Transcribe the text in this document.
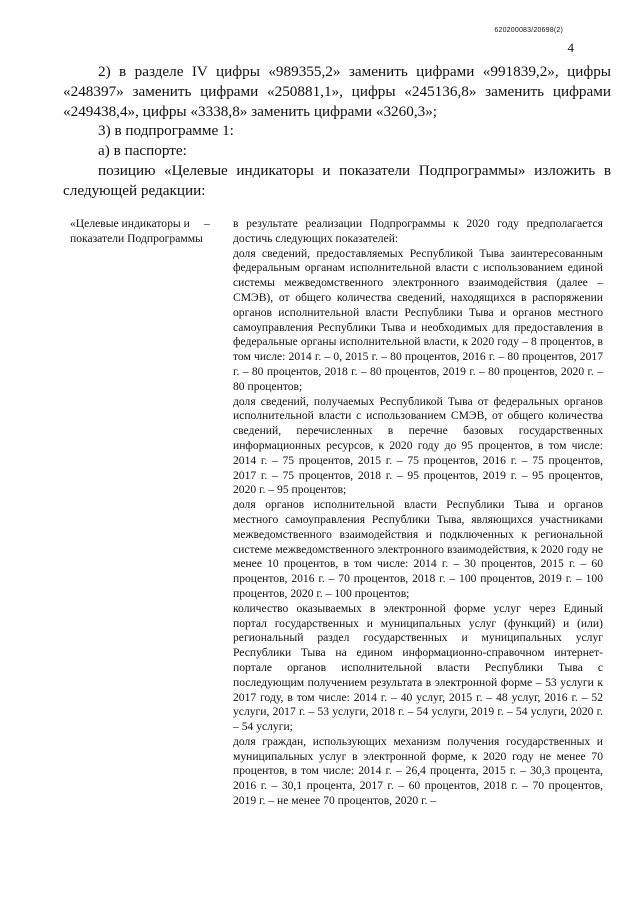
620200083/20698(2)
4

2) в разделе IV цифры «989355,2» заменить цифрами «991839,2», цифры «248397» заменить цифрами «250881,1», цифры «245136,8» заменить цифрами «249438,4», цифры «3338,8» заменить цифрами «3260,3»;

3) в подпрограмме 1:

а) в паспорте:

позицию «Целевые индикаторы и показатели Подпрограммы» изложить в следующей редакции:

«Целевые индикаторы и показатели Подпрограммы
– в результате реализации Подпрограммы к 2020 году предполагается достичь следующих показателей:

доля сведений, предоставляемых Республикой Тыва заинтересованным федеральным органам исполнительной власти с использованием единой системы межведомственного электронного взаимодействия (далее – СМЭВ), от общего количества сведений, находящихся в распоряжении органов исполнительной власти Республики Тыва и органов местного самоуправления Республики Тыва и необходимых для предоставления в федеральные органы исполнительной власти, к 2020 году – 8 процентов, в том числе: 2014 г. – 0, 2015 г. – 80 процентов, 2016 г. – 80 процентов, 2017 г. – 80 процентов, 2018 г. – 80 процентов, 2019 г. – 80 процентов, 2020 г. – 80 процентов;

доля сведений, получаемых Республикой Тыва от федеральных органов исполнительной власти с использованием СМЭВ, от общего количества сведений, перечисленных в перечне базовых государственных информационных ресурсов, к 2020 году до 95 процентов, в том числе: 2014 г. – 75 процентов, 2015 г. – 75 процентов, 2016 г. – 75 процентов, 2017 г. – 75 процентов, 2018 г. – 95 процентов, 2019 г. – 95 процентов, 2020 г. – 95 процентов;

доля органов исполнительной власти Республики Тыва и органов местного самоуправления Республики Тыва, являющихся участниками межведомственного взаимодействия и подключенных к региональной системе межведомственного электронного взаимодействия, к 2020 году не менее 10 процентов, в том числе: 2014 г. – 30 процентов, 2015 г. – 60 процентов, 2016 г. – 70 процентов, 2018 г. – 100 процентов, 2019 г. – 100 процентов, 2020 г. – 100 процентов;

количество оказываемых в электронной форме услуг через Единый портал государственных и муниципальных услуг (функций) и (или) региональный раздел государственных и муниципальных услуг Республики Тыва на едином информационно-справочном интернет-портале органов исполнительной власти Республики Тыва с последующим получением результата в электронной форме – 53 услуги к 2017 году, в том числе: 2014 г. – 40 услуг, 2015 г. – 48 услуг, 2016 г. – 52 услуги, 2017 г. – 53 услуги, 2018 г. – 54 услуги, 2019 г. – 54 услуги, 2020 г. – 54 услуги;

доля граждан, использующих механизм получения государственных и муниципальных услуг в электронной форме, к 2020 году не менее 70 процентов, в том числе: 2014 г. – 26,4 процента, 2015 г. – 30,3 процента, 2016 г. – 30,1 процента, 2017 г. – 60 процентов, 2018 г. – 70 процентов, 2019 г. – не менее 70 процентов, 2020 г. –
